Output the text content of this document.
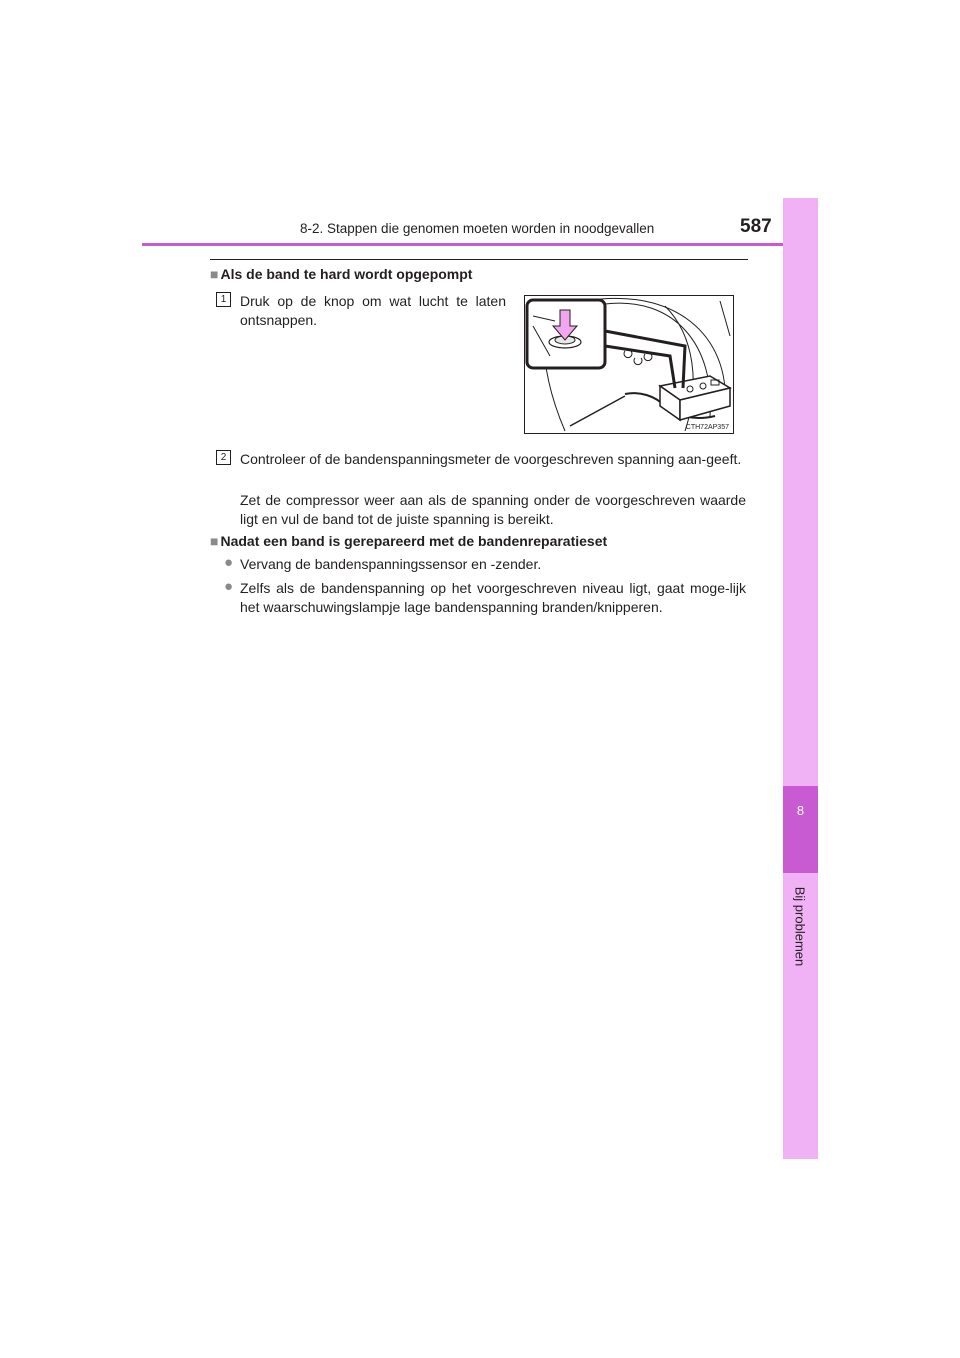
8-2. Stappen die genomen moeten worden in noodgevallen	587
8
Bij problemen
■ Als de band te hard wordt opgepompt
1 Druk op de knop om wat lucht te laten
ontsnappen.
CTH72AP357
2 Controleer of de bandenspanningsmeter de voorgeschreven spanning aan-geeft.
Zet de compressor weer aan als de spanning onder de voorgeschreven waarde ligt en vul de band tot de juiste spanning is bereikt.
■ Nadat een band is gerepareerd met de bandenreparatieset
● Vervang de bandenspanningssensor en -zender.
● Zelfs als de bandenspanning op het voorgeschreven niveau ligt, gaat moge-lijk het waarschuwingslampje lage bandenspanning branden/knipperen.
